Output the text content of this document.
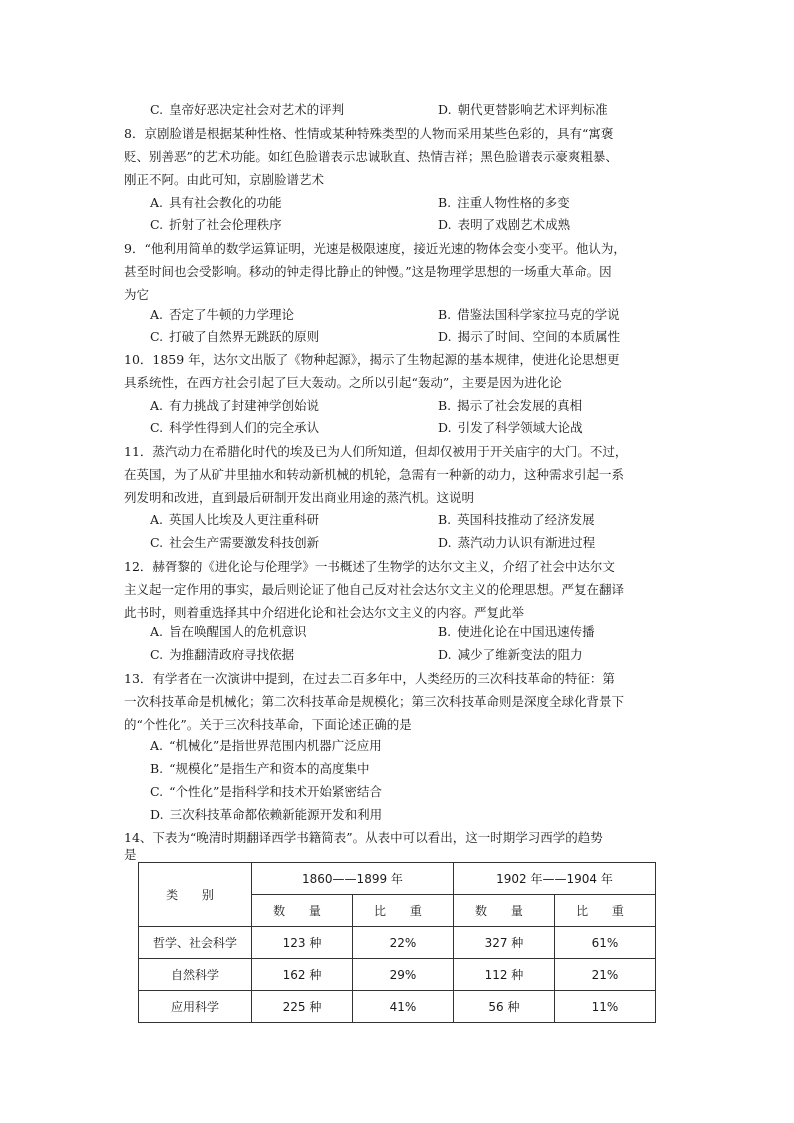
C. 皇帝好恶决定社会对艺术的评判	D. 朝代更替影响艺术评判标准
8．京剧脸谱是根据某种性格、性情或某种特殊类型的人物而采用某些色彩的，具有“寓褒
贬、别善恶”的艺术功能。如红色脸谱表示忠诚耿直、热情吉祥；黑色脸谱表示豪爽粗暴、
刚正不阿。由此可知，京剧脸谱艺术
A. 具有社会教化的功能	B. 注重人物性格的多变
C. 折射了社会伦理秩序	D. 表明了戏剧艺术成熟
9．“他利用简单的数学运算证明，光速是极限速度，接近光速的物体会变小变平。他认为，
甚至时间也会受影响。移动的钟走得比静止的钟慢。”这是物理学思想的一场重大革命。因
为它
A. 否定了牛顿的力学理论	B. 借鉴法国科学家拉马克的学说
C. 打破了自然界无跳跃的原则	D. 揭示了时间、空间的本质属性
10．1859 年，达尔文出版了《物种起源》，揭示了生物起源的基本规律，使进化论思想更
具系统性，在西方社会引起了巨大轰动。之所以引起“轰动”，主要是因为进化论
A. 有力挑战了封建神学创始说	B. 揭示了社会发展的真相
C. 科学性得到人们的完全承认	D. 引发了科学领域大论战
11．蒸汽动力在希腊化时代的埃及已为人们所知道，但却仅被用于开关庙宇的大门。不过，
在英国，为了从矿井里抽水和转动新机械的机轮，急需有一种新的动力，这种需求引起一系
列发明和改进，直到最后研制开发出商业用途的蒸汽机。这说明
A. 英国人比埃及人更注重科研	B. 英国科技推动了经济发展
C. 社会生产需要激发科技创新	D. 蒸汽动力认识有渐进过程
12．赫胥黎的《进化论与伦理学》一书概述了生物学的达尔文主义，介绍了社会中达尔文
主义起一定作用的事实，最后则论证了他自己反对社会达尔文主义的伦理思想。严复在翻译
此书时，则着重选择其中介绍进化论和社会达尔文主义的内容。严复此举
A. 旨在唤醒国人的危机意识	B. 使进化论在中国迅速传播
C. 为推翻清政府寻找依据	D. 减少了维新变法的阻力
13．有学者在一次演讲中提到，在过去二百多年中，人类经历的三次科技革命的特征：第
一次科技革命是机械化；第二次科技革命是规模化；第三次科技革命则是深度全球化背景下
的“个性化”。关于三次科技革命，下面论述正确的是
A. “机械化”是指世界范围内机器广泛应用
B. “规模化”是指生产和资本的高度集中
C. “个性化”是指科学和技术开始紧密结合
D. 三次科技革命都依赖新能源开发和利用
14、下表为“晚清时期翻译西学书籍简表”。从表中可以看出，这一时期学习西学的趋势
是
类 别	1860——1899 年		1902 年——1904 年	
	数 量	比 重	数 量	比 重
哲学、社会科学	123 种	22%	327 种	61%
自然科学	162 种	29%	112 种	21%
应用科学	225 种	41%	56 种	11%
